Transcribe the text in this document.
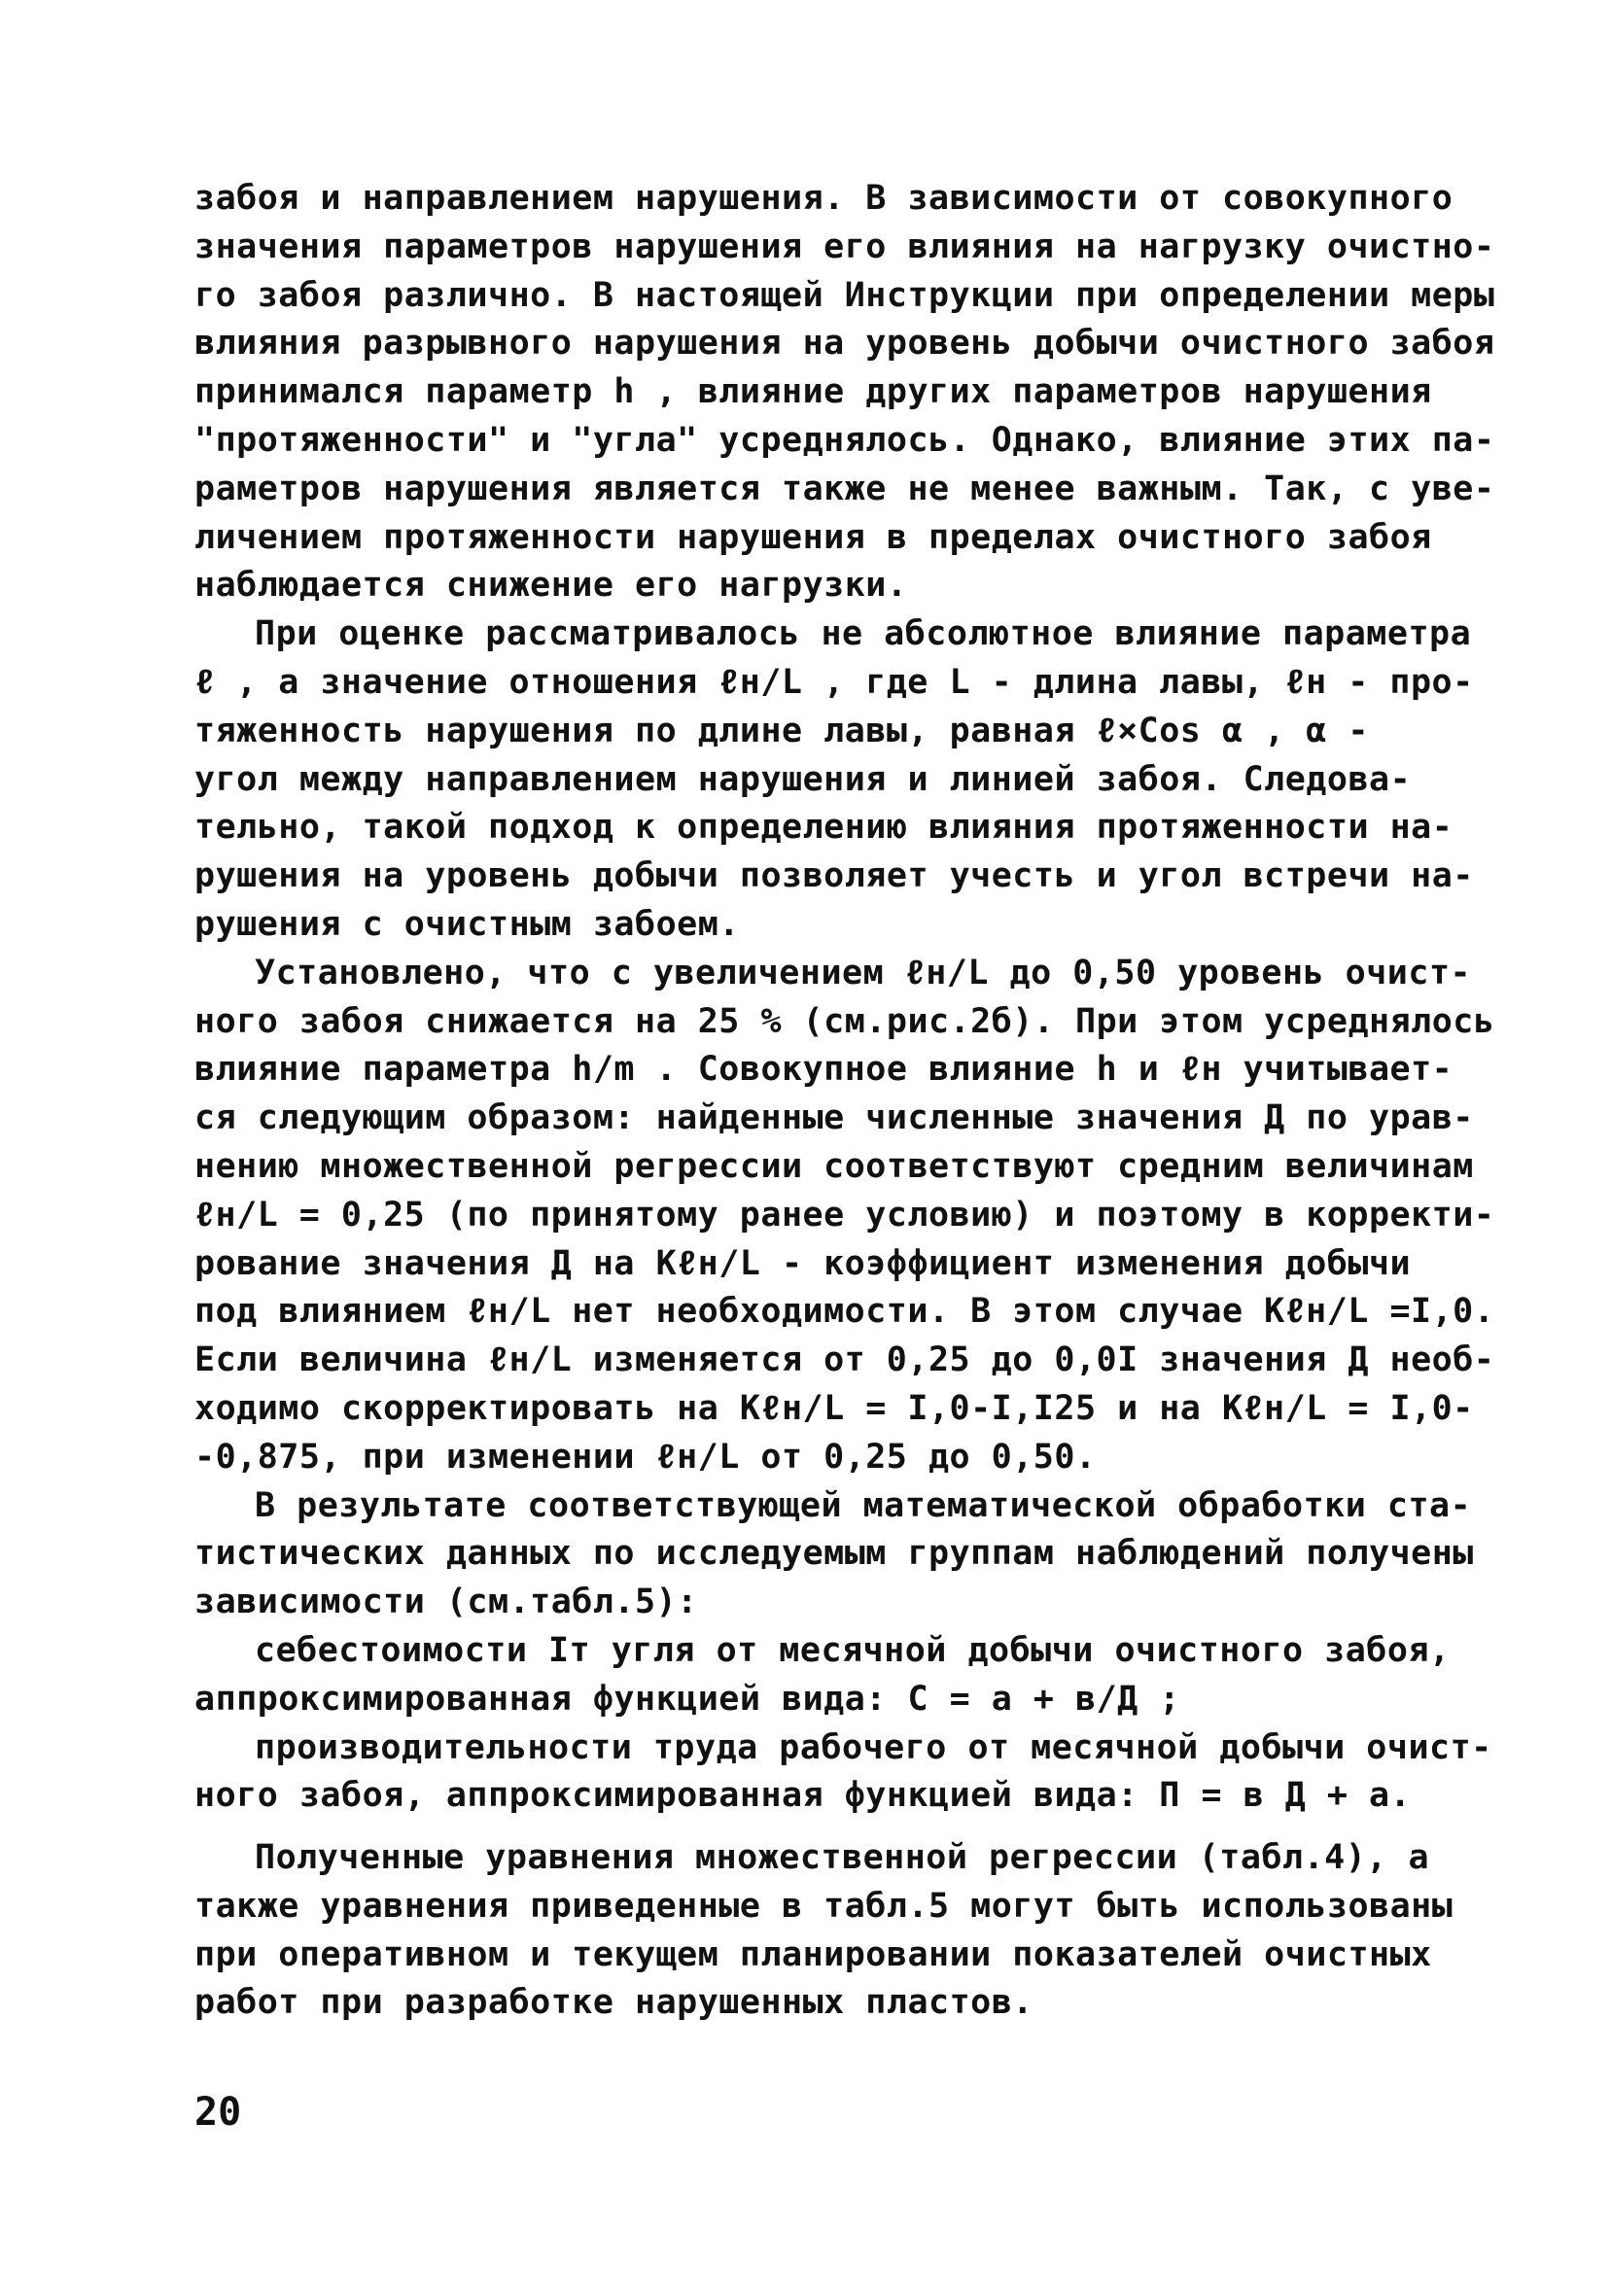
забоя и направлением нарушения. В зависимости от совокупного
значения параметров нарушения его влияния на нагрузку очистно-
го забоя различно. В настоящей Инструкции при определении меры
влияния разрывного нарушения на уровень добычи очистного забоя
принимался параметр h , влияние других параметров нарушения
"протяженности" и "угла" усреднялось. Однако, влияние этих па-
раметров нарушения является также не менее важным. Так, с уве-
личением протяженности нарушения в пределах очистного забоя
наблюдается снижение его нагрузки.
При оценке рассматривалось не абсолютное влияние параметра
ℓ , а значение отношения ℓн/L , где L - длина лавы, ℓн - про-
тяженность нарушения по длине лавы, равная ℓ×Cos α , α -
угол между направлением нарушения и линией забоя. Следова-
тельно, такой подход к определению влияния протяженности на-
рушения на уровень добычи позволяет учесть и угол встречи на-
рушения с очистным забоем.
Установлено, что с увеличением ℓн/L до 0,50 уровень очист-
ного забоя снижается на 25 % (см.рис.2б). При этом усреднялось
влияние параметра h/m . Совокупное влияние h и ℓн учитывает-
ся следующим образом: найденные численные значения Д по урав-
нению множественной регрессии соответствуют средним величинам
ℓн/L = 0,25 (по принятому ранее условию) и поэтому в корректи-
рование значения Д на Кℓн/L - коэффициент изменения добычи
под влиянием ℓн/L нет необходимости. В этом случае Кℓн/L =I,0.
Если величина ℓн/L изменяется от 0,25 до 0,0I значения Д необ-
ходимо скорректировать на Кℓн/L = I,0-I,I25 и на Кℓн/L = I,0-
-0,875, при изменении ℓн/L от 0,25 до 0,50.
В результате соответствующей математической обработки ста-
тистических данных по исследуемым группам наблюдений получены
зависимости (см.табл.5):
себестоимости Iт угля от месячной добычи очистного забоя,
аппроксимированная функцией вида: С = а + в/Д ;
производительности труда рабочего от месячной добычи очист-
ного забоя, аппроксимированная функцией вида: П = в Д + а.
Полученные уравнения множественной регрессии (табл.4), а
также уравнения приведенные в табл.5 могут быть использованы
при оперативном и текущем планировании показателей очистных
работ при разработке нарушенных пластов.
20
